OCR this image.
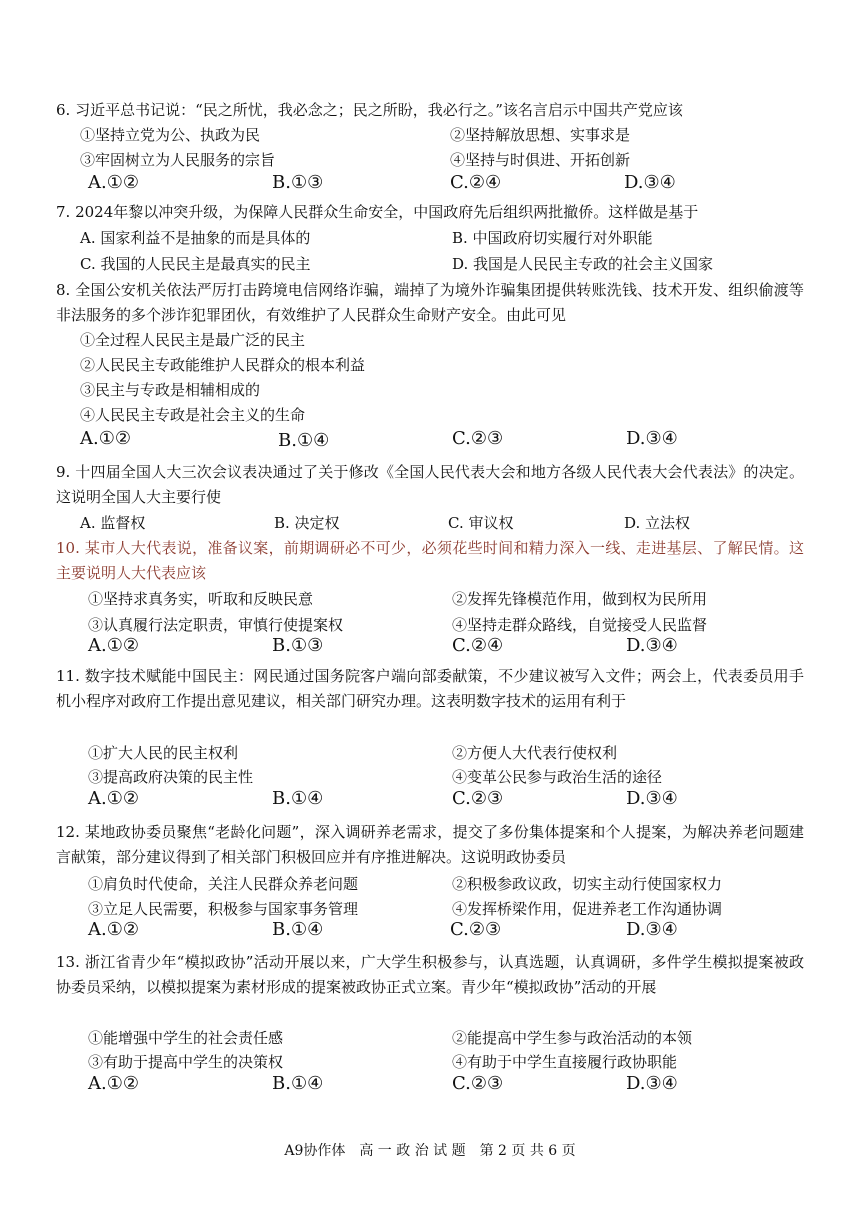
6. 习近平总书记说：“民之所忧，我必念之；民之所盼，我必行之。”该名言启示中国共产党应该
①坚持立党为公、执政为民	②坚持解放思想、实事求是
③牢固树立为人民服务的宗旨	④坚持与时俱进、开拓创新
A.①②	B.①③	C.②④	D.③④
7. 2024年黎以冲突升级，为保障人民群众生命安全，中国政府先后组织两批撤侨。这样做是基于
A. 国家利益不是抽象的而是具体的	B. 中国政府切实履行对外职能
C. 我国的人民民主是最真实的民主	D. 我国是人民民主专政的社会主义国家
8. 全国公安机关依法严厉打击跨境电信网络诈骗，端掉了为境外诈骗集团提供转账洗钱、技术开发、组织偷渡等非法服务的多个涉诈犯罪团伙，有效维护了人民群众生命财产安全。由此可见
①全过程人民民主是最广泛的民主
②人民民主专政能维护人民群众的根本利益
③民主与专政是相辅相成的
④人民民主专政是社会主义的生命
A.①②	B.①④	C.②③	D.③④
9. 十四届全国人大三次会议表决通过了关于修改《全国人民代表大会和地方各级人民代表大会代表法》的决定。这说明全国人大主要行使
A. 监督权	B. 决定权	C. 审议权	D. 立法权
10. 某市人大代表说，准备议案，前期调研必不可少，必须花些时间和精力深入一线、走进基层、了解民情。这主要说明人大代表应该
①坚持求真务实，听取和反映民意	②发挥先锋模范作用，做到权为民所用
③认真履行法定职责，审慎行使提案权	④坚持走群众路线，自觉接受人民监督
A.①②	B.①③	C.②④	D.③④
11. 数字技术赋能中国民主：网民通过国务院客户端向部委献策，不少建议被写入文件；两会上，代表委员用手机小程序对政府工作提出意见建议，相关部门研究办理。这表明数字技术的运用有利于
①扩大人民的民主权利	②方便人大代表行使权利
③提高政府决策的民主性	④变革公民参与政治生活的途径
A.①②	B.①④	C.②③	D.③④
12. 某地政协委员聚焦“老龄化问题”，深入调研养老需求，提交了多份集体提案和个人提案，为解决养老问题建言献策，部分建议得到了相关部门积极回应并有序推进解决。这说明政协委员
①肩负时代使命，关注人民群众养老问题	②积极参政议政，切实主动行使国家权力
③立足人民需要，积极参与国家事务管理	④发挥桥梁作用，促进养老工作沟通协调
A.①②	B.①④	C.②③	D.③④
13. 浙江省青少年“模拟政协”活动开展以来，广大学生积极参与，认真选题，认真调研，多件学生模拟提案被政协委员采纳，以模拟提案为素材形成的提案被政协正式立案。青少年“模拟政协”活动的开展
①能增强中学生的社会责任感	②能提高中学生参与政治活动的本领
③有助于提高中学生的决策权	④有助于中学生直接履行政协职能
A.①②	B.①④	C.②③	D.③④
A9协作体　高 一 政 治 试 题　第 2 页 共 6 页
